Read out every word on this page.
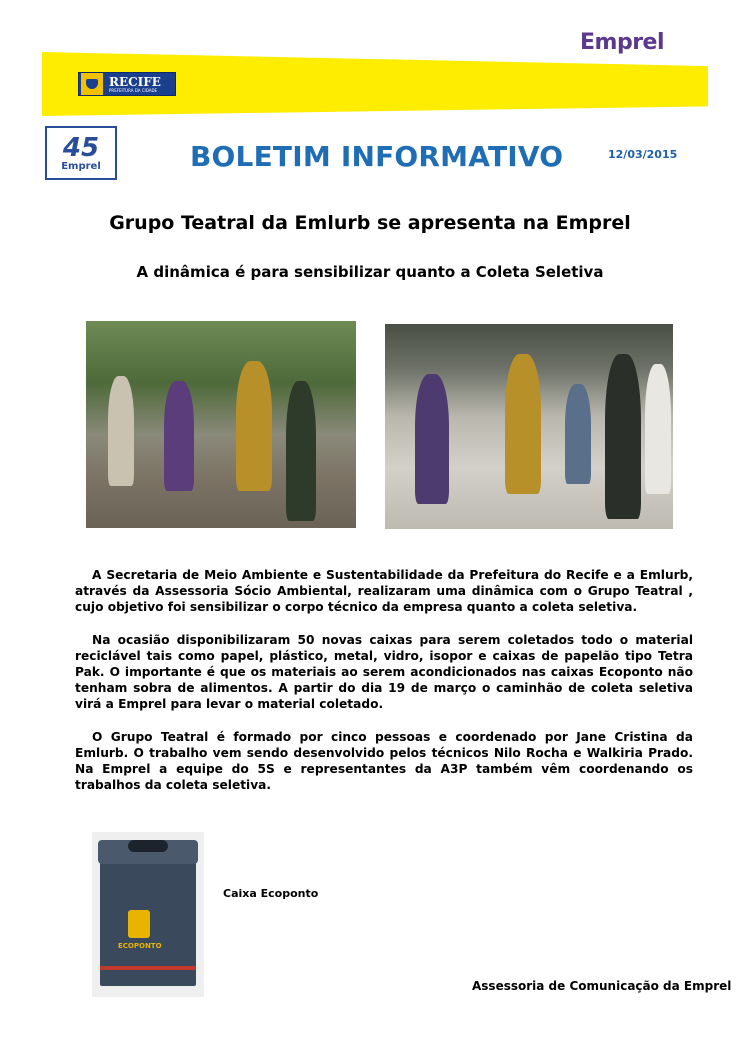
Emprel
RECIFE
PREFEITURA DA CIDADE
45
Emprel	BOLETIM INFORMATIVO	12/03/2015
Grupo Teatral da Emlurb se apresenta na Emprel
A dinâmica é para sensibilizar quanto a Coleta Seletiva

A Secretaria de Meio Ambiente e Sustentabilidade da Prefeitura do Recife e a Emlurb, através da Assessoria Sócio Ambiental, realizaram uma dinâmica com o Grupo Teatral , cujo objetivo foi sensibilizar o corpo técnico da empresa quanto a coleta seletiva.

Na ocasião disponibilizaram 50 novas caixas para serem coletados todo o material reciclável tais como papel, plástico, metal, vidro, isopor e caixas de papelão tipo Tetra Pak. O importante é que os materiais ao serem acondicionados nas caixas Ecoponto não tenham sobra de alimentos. A partir do dia 19 de março o caminhão de coleta seletiva virá a Emprel para levar o material coletado.

O Grupo Teatral é formado por cinco pessoas e coordenado por Jane Cristina da Emlurb. O trabalho vem sendo desenvolvido pelos técnicos Nilo Rocha e Walkiria Prado. Na Emprel a equipe do 5S e representantes da A3P também vêm coordenando os trabalhos da coleta seletiva.

ECOPONTO
Caixa Ecoponto
Assessoria de Comunicação da Emprel
